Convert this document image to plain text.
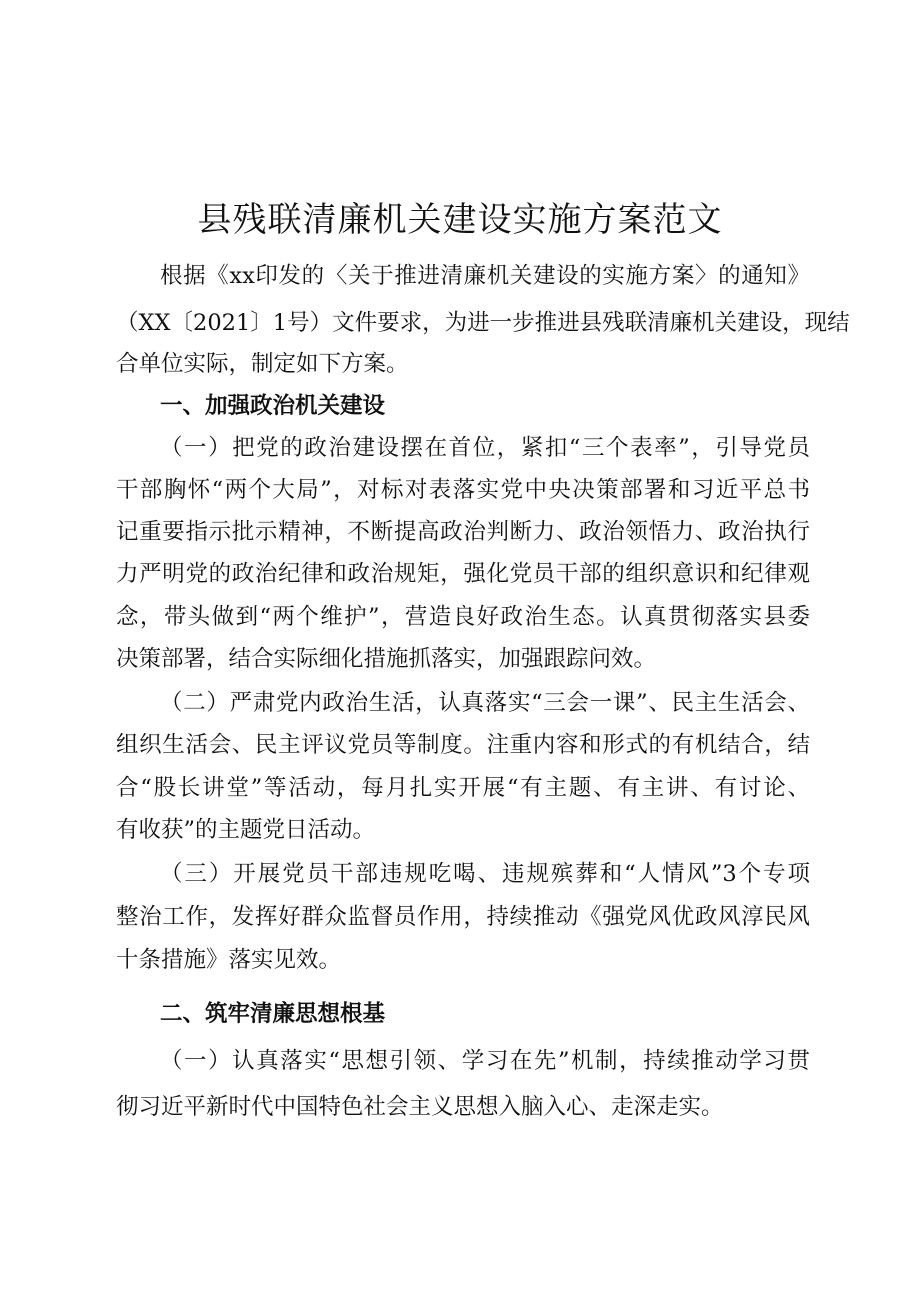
县残联清廉机关建设实施方案范文
根据《xx印发的〈关于推进清廉机关建设的实施方案〉的通知》
（XX〔2021〕1号）文件要求，为进一步推进县残联清廉机关建设，现结
合单位实际，制定如下方案。
一、加强政治机关建设
（一）把党的政治建设摆在首位，紧扣“三个表率”，引导党员
干部胸怀“两个大局”，对标对表落实党中央决策部署和习近平总书
记重要指示批示精神，不断提高政治判断力、政治领悟力、政治执行
力严明党的政治纪律和政治规矩，强化党员干部的组织意识和纪律观
念，带头做到“两个维护”，营造良好政治生态。认真贯彻落实县委
决策部署，结合实际细化措施抓落实，加强跟踪问效。
（二）严肃党内政治生活，认真落实“三会一课”、民主生活会、
组织生活会、民主评议党员等制度。注重内容和形式的有机结合，结
合“股长讲堂”等活动，每月扎实开展“有主题、有主讲、有讨论、
有收获”的主题党日活动。
（三）开展党员干部违规吃喝、违规殡葬和“人情风”3个专项
整治工作，发挥好群众监督员作用，持续推动《强党风优政风淳民风
十条措施》落实见效。
二、筑牢清廉思想根基
（一）认真落实“思想引领、学习在先”机制，持续推动学习贯
彻习近平新时代中国特色社会主义思想入脑入心、走深走实。
